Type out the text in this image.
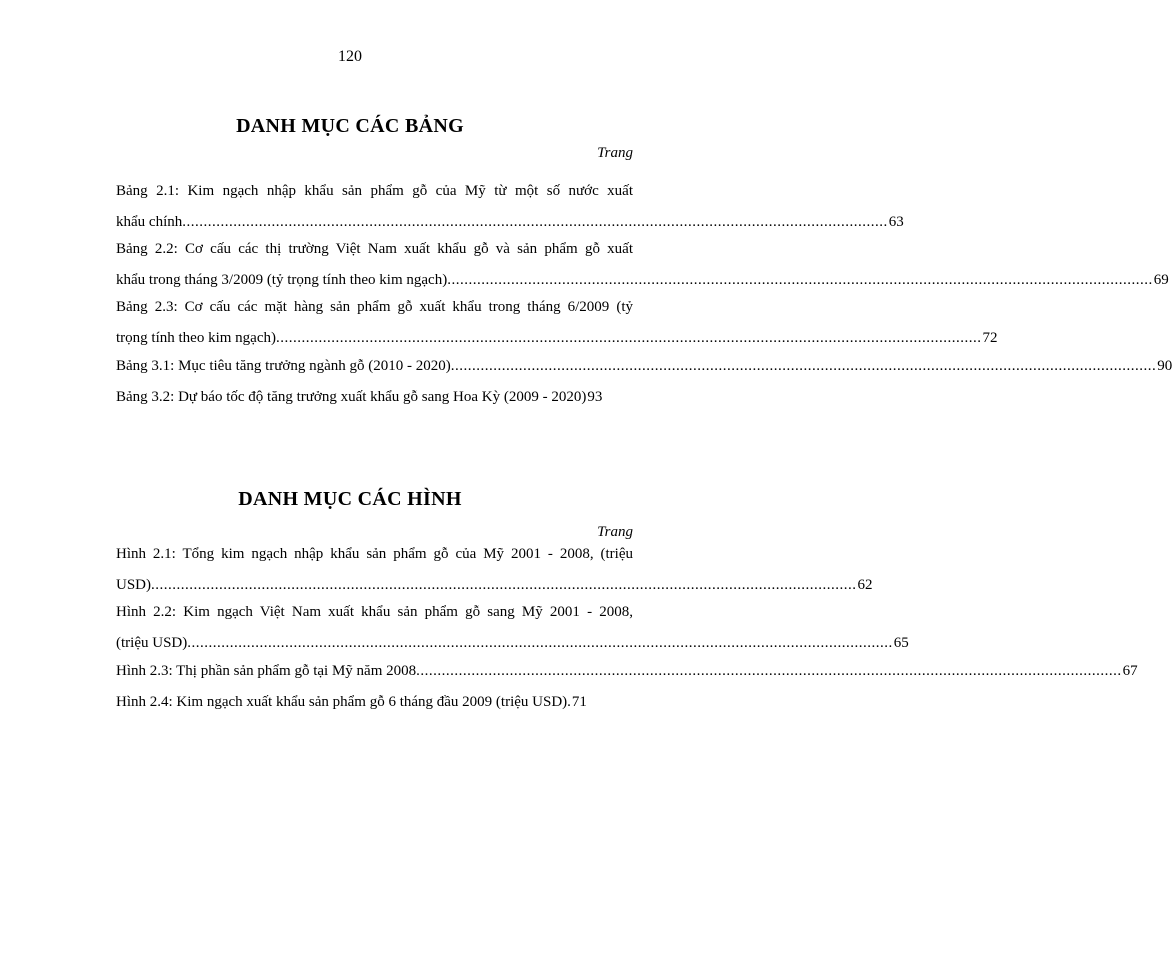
120
DANH MỤC CÁC BẢNG
Trang
Bảng 2.1: Kim ngạch nhập khẩu sản phẩm gỗ của Mỹ từ một số nước xuất
khẩu chính ...................................................................................................................................................................... 63
Bảng 2.2: Cơ cấu các thị trường Việt Nam xuất khẩu gỗ và sản phẩm gỗ xuất
khẩu trong tháng 3/2009 (tỷ trọng tính theo kim ngạch) ...................................................................................................................................................................... 69
Bảng 2.3: Cơ cấu các mặt hàng sản phẩm gỗ xuất khẩu trong tháng 6/2009 (tỷ
trọng tính theo kim ngạch) ...................................................................................................................................................................... 72
Bảng 3.1: Mục tiêu tăng trưởng ngành gỗ (2010 - 2020) ...................................................................................................................................................................... 90
Bảng 3.2: Dự báo tốc độ tăng trưởng xuất khẩu gỗ sang Hoa Kỳ (2009 - 2020) 93
DANH MỤC CÁC HÌNH
Trang
Hình 2.1: Tổng kim ngạch nhập khẩu sản phẩm gỗ của Mỹ 2001 - 2008, (triệu
USD) ...................................................................................................................................................................... 62
Hình 2.2: Kim ngạch Việt Nam xuất khẩu sản phẩm gỗ sang Mỹ 2001 - 2008,
(triệu USD) ...................................................................................................................................................................... 65
Hình 2.3: Thị phần sản phẩm gỗ tại Mỹ năm 2008 ...................................................................................................................................................................... 67
Hình 2.4: Kim ngạch xuất khẩu sản phẩm gỗ 6 tháng đầu 2009 (triệu USD). 71
